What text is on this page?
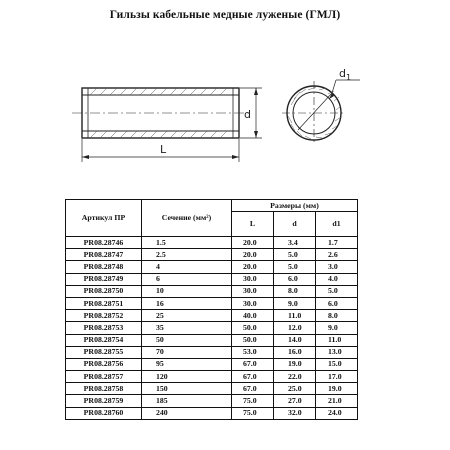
Гильзы кабельные медные луженые (ГМЛ)
L
d
$d_1$
Артикул ПР	Сечение (мм²)	Размеры (мм)		
		L	d	d1
PR08.28746	1.5	20.0	3.4	1.7
PR08.28747	2.5	20.0	5.0	2.6
PR08.28748	4	20.0	5.0	3.0
PR08.28749	6	30.0	6.0	4.0
PR08.28750	10	30.0	8.0	5.0
PR08.28751	16	30.0	9.0	6.0
PR08.28752	25	40.0	11.0	8.0
PR08.28753	35	50.0	12.0	9.0
PR08.28754	50	50.0	14.0	11.0
PR08.28755	70	53.0	16.0	13.0
PR08.28756	95	67.0	19.0	15.0
PR08.28757	120	67.0	22.0	17.0
PR08.28758	150	67.0	25.0	19.0
PR08.28759	185	75.0	27.0	21.0
PR08.28760	240	75.0	32.0	24.0
